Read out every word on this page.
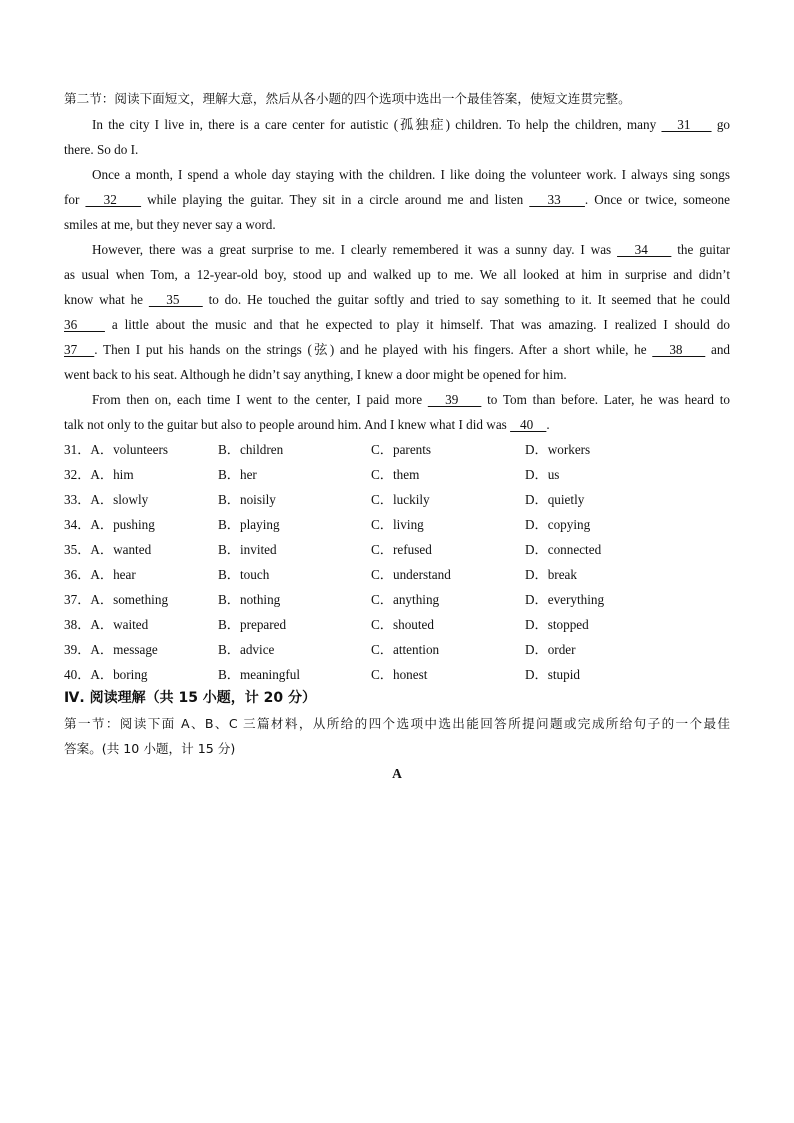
第二节：阅读下面短文，理解大意，然后从各小题的四个选项中选出一个最佳答案，使短文连贯完整。
In the city I live in, there is a care center for autistic (孤独症) children. To help the children, many    31     go
there. So do I.
Once a month, I spend a whole day staying with the children. I like doing the volunteer work. I always sing songs
for    32     while playing the guitar. They sit in a circle around me and listen    33    . Once or twice, someone
smiles at me, but they never say a word.
However, there was a great surprise to me. I clearly remembered it was a sunny day. I was    34     the guitar
as usual when Tom, a 12-year-old boy, stood up and walked up to me. We all looked at him in surprise and didn’t
know what he    35     to do. He touched the guitar softly and tried to say something to it. It seemed that he could
36     a little about the music and that he expected to play it himself. That was amazing. I realized I should do
37   . Then I put his hands on the strings (弦) and he played with his fingers. After a short while, he    38     and
went back to his seat. Although he didn’t say anything, I knew a door might be opened for him.
From then on, each time I went to the center, I paid more    39     to Tom than before. Later, he was heard to
talk not only to the guitar but also to people around him. And I knew what I did was    40    .
31．A．volunteers	B．children	C．parents	D．workers
32．A．him	B．her	C．them	D．us
33．A．slowly	B．noisily	C．luckily	D．quietly
34．A．pushing	B．playing	C．living	D．copying
35．A．wanted	B．invited	C．refused	D．connected
36．A．hear	B．touch	C．understand	D．break
37．A．something	B．nothing	C．anything	D．everything
38．A．waited	B．prepared	C．shouted	D．stopped
39．A．message	B．advice	C．attention	D．order
40．A．boring	B．meaningful	C．honest	D．stupid
Ⅳ. 阅读理解（共 15 小题，计 20 分）
第一节：阅读下面 A、B、C 三篇材料，从所给的四个选项中选出能回答所提问题或完成所给句子的一个最佳
答案。(共 10 小题，计 15 分)
A
